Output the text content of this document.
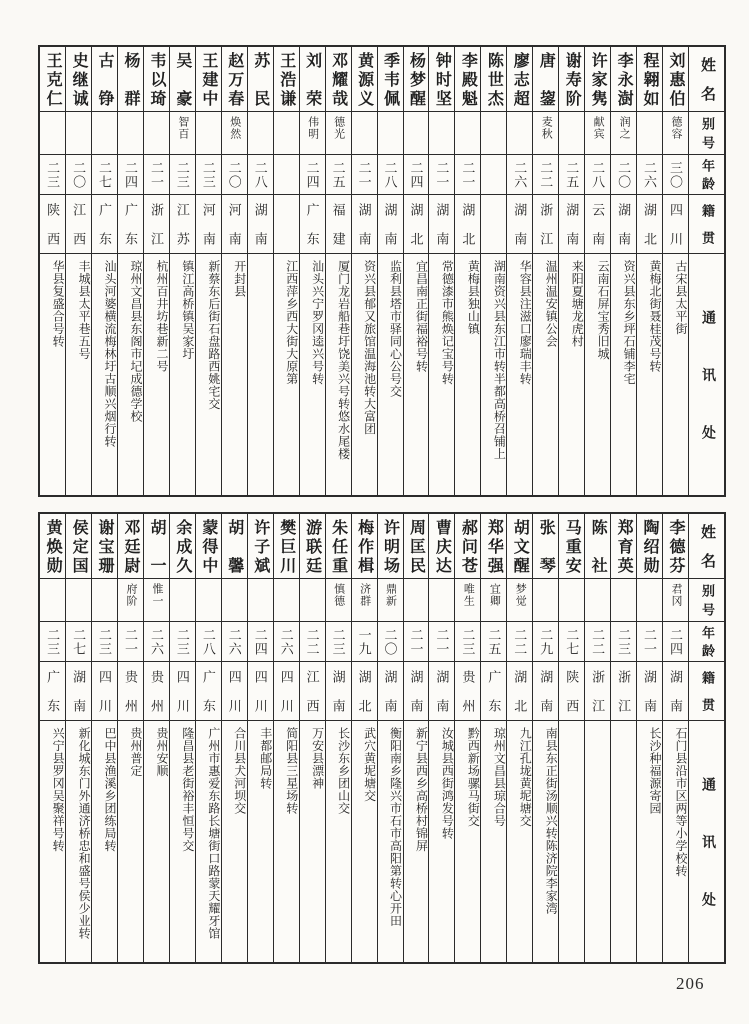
姓名
别号
年龄
籍贯
通讯处
刘惠伯
德容
三〇
四川
古宋县太平街
程翱如
二六
湖北
黄梅北街聂桂茂号转
李永澍
润之
二〇
湖南
资兴县东乡坪石铺李宅
许家隽
献宾
二八
云南
云南石屏宝秀旧城
谢寿阶
二五
湖南
来阳夏塘龙虎村
唐鋆
麦秋
二二
浙江
温州温安镇公会
廖志超
二六
湖南
华容县注滋口廖瑞丰转
陈世杰
湖南资兴县东江市转半都高桥召铺上
李殿魁
二一
湖北
黄梅县独山镇
钟时坚
二一
湖南
常德漆市熊焕记宝号转
杨梦醒
二四
湖北
宜昌南正街福裕号转
季韦佩
二八
湖南
监利县塔市驿同心公号交
黄源义
二一
湖南
资兴县郁又旅馆温海池转大富团
邓耀哉
德光
二五
福建
厦门龙岩船巷圩饶美兴号转悠水尾楼
刘荣
伟明
二四
广东
汕头兴宁罗冈逵兴号转
王浩谦
江西萍乡西大街大原第
苏民
二八
湖南
赵万春
焕然
二〇
河南
开封县
王建中
二三
河南
新蔡东后街石盘路西姚宅交
吴豪
智百
二三
江苏
镇江高桥镇吴家圩
韦以琦
二一
浙江
杭州百井坊巷新二号
杨群
二四
广东
琼州文昌县东阁市圮成德学校
古铮
二七
广东
汕头河婆横流梅林圩古顺兴烟行转
史继诚
二〇
江西
丰城县太平巷五号
王克仁
二三
陕西
华县复盛合号转
姓名
别号
年龄
籍贯
通讯处
李德芬
君冈
二四
湖南
石门县沿市区两等小学校转
陶绍勋
二一
湖南
长沙种福源寄园
郑育英
二三
浙江
陈社
二二
浙江
马重安
二七
陕西
张琴
二九
湖南
南县东正街汤顺兴转陈济院李家湾
胡文醒
梦觉
二二
湖北
九江孔垅黄坭塘交
郑华强
宜卿
二五
广东
琼州文昌县琼合号
郝问苍
唯生
二三
贵州
黔西新场骡马街交
曹庆达
二一
湖南
汝城县西街鸿发号转
周匡民
二一
湖南
新宁县西乡高桥村锦屏
许明场
鼎新
二〇
湖南
衡阳南乡隆兴市石市高阳第转心开田
梅作楫
济群
一九
湖北
武穴黄坭塘交
朱任重
慎德
二三
湖南
长沙东乡团山交
游联廷
二二
江西
万安县漂神
樊巨川
二六
四川
简阳县三星场转
许子斌
二四
四川
丰都邮局转
胡馨
二六
四川
合川县犬河坝交
蒙得中
二八
广东
广州市惠爱东路长塘街口路蒙天耀牙馆
余成久
二三
四川
隆昌县老街裕丰恒号交
胡一
惟一
二六
贵州
贵州安顺
邓廷尉
府阶
二一
贵州
贵州普定
谢宝珊
二三
四川
巴中县渔溪乡团练局转
侯定国
二七
湖南
新化城东门外通济桥忠和盛号侯少业转
黄焕勋
二三
广东
兴宁县罗冈吴聚祥号转
206
